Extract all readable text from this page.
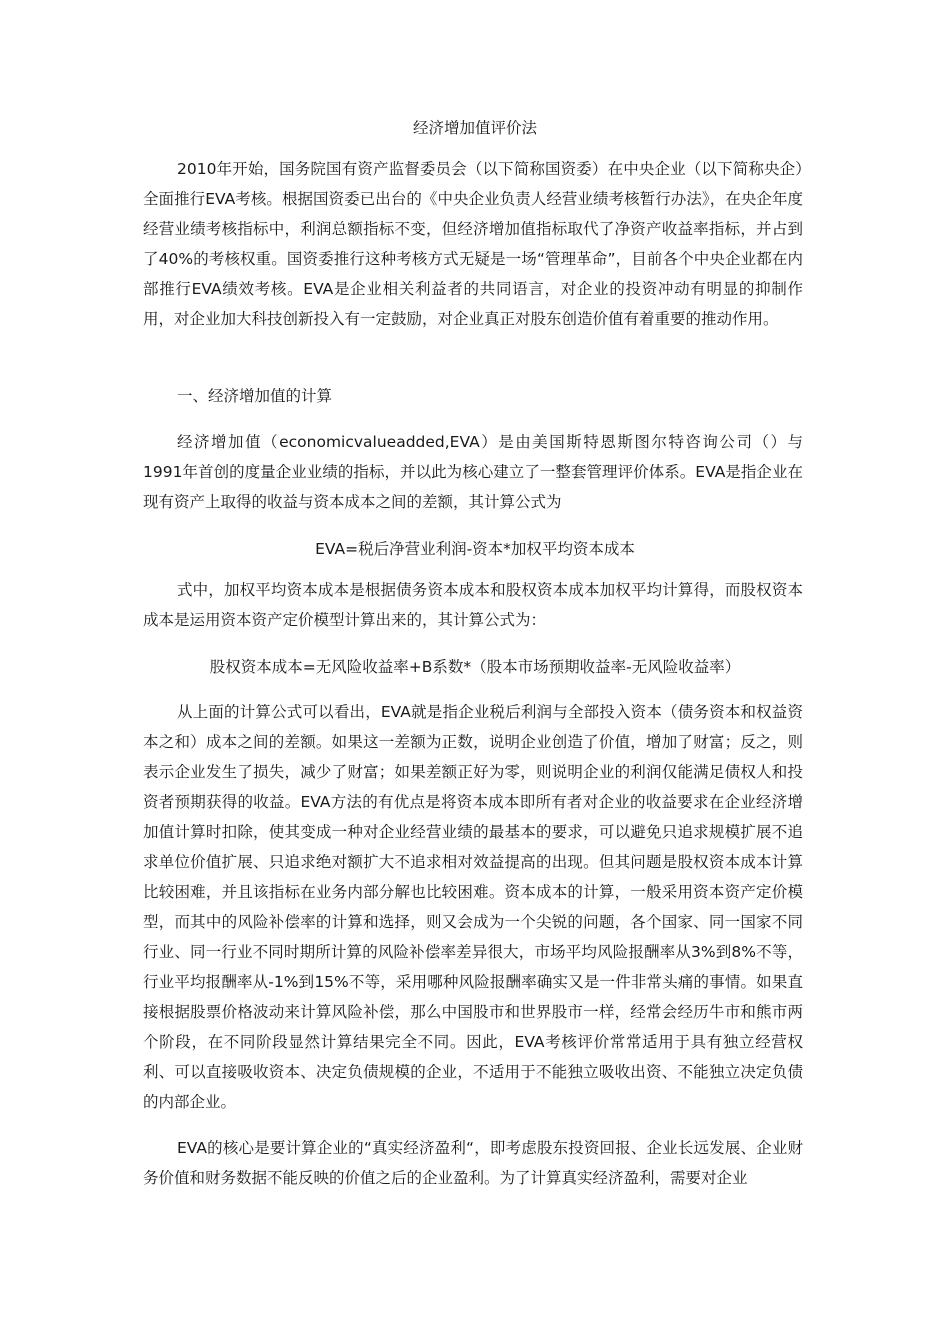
经济增加值评价法

2010年开始，国务院国有资产监督委员会（以下简称国资委）在中央企业（以下简称央企）全面推行EVA考核。根据国资委已出台的《中央企业负责人经营业绩考核暂行办法》，在央企年度经营业绩考核指标中，利润总额指标不变，但经济增加值指标取代了净资产收益率指标，并占到了40%的考核权重。国资委推行这种考核方式无疑是一场“管理革命”，目前各个中央企业都在内部推行EVA绩效考核。EVA是企业相关利益者的共同语言，对企业的投资冲动有明显的抑制作用，对企业加大科技创新投入有一定鼓励，对企业真正对股东创造价值有着重要的推动作用。

一、经济增加值的计算

经济增加值（economicvalueadded,EVA）是由美国斯特恩斯图尔特咨询公司（）与1991年首创的度量企业业绩的指标，并以此为核心建立了一整套管理评价体系。EVA是指企业在现有资产上取得的收益与资本成本之间的差额，其计算公式为

EVA=税后净营业利润-资本*加权平均资本成本

式中，加权平均资本成本是根据债务资本成本和股权资本成本加权平均计算得，而股权资本成本是运用资本资产定价模型计算出来的，其计算公式为：

股权资本成本=无风险收益率+B系数*（股本市场预期收益率-无风险收益率）

从上面的计算公式可以看出，EVA就是指企业税后利润与全部投入资本（债务资本和权益资本之和）成本之间的差额。如果这一差额为正数，说明企业创造了价值，增加了财富；反之，则表示企业发生了损失，减少了财富；如果差额正好为零，则说明企业的利润仅能满足债权人和投资者预期获得的收益。EVA方法的有优点是将资本成本即所有者对企业的收益要求在企业经济增加值计算时扣除，使其变成一种对企业经营业绩的最基本的要求，可以避免只追求规模扩展不追求单位价值扩展、只追求绝对额扩大不追求相对效益提高的出现。但其问题是股权资本成本计算比较困难，并且该指标在业务内部分解也比较困难。资本成本的计算，一般采用资本资产定价模型，而其中的风险补偿率的计算和选择，则又会成为一个尖锐的问题，各个国家、同一国家不同行业、同一行业不同时期所计算的风险补偿率差异很大，市场平均风险报酬率从3%到8%不等，行业平均报酬率从-1%到15%不等，采用哪种风险报酬率确实又是一件非常头痛的事情。如果直接根据股票价格波动来计算风险补偿，那么中国股市和世界股市一样，经常会经历牛市和熊市两个阶段，在不同阶段显然计算结果完全不同。因此，EVA考核评价常常适用于具有独立经营权利、可以直接吸收资本、决定负债规模的企业，不适用于不能独立吸收出资、不能独立决定负债的内部企业。

EVA的核心是要计算企业的“真实经济盈利“，即考虑股东投资回报、企业长远发展、企业财务价值和财务数据不能反映的价值之后的企业盈利。为了计算真实经济盈利，需要对企业
